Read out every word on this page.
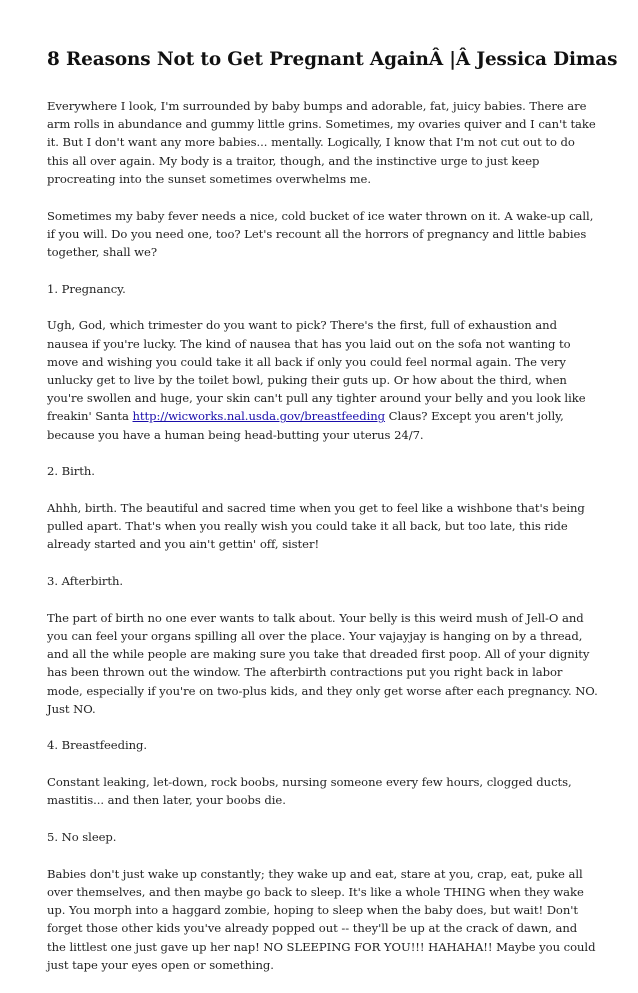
8 Reasons Not to Get Pregnant AgainÂ |Â Jessica Dimas

Everywhere I look, I'm surrounded by baby bumps and adorable, fat, juicy babies. There are arm rolls in abundance and gummy little grins. Sometimes, my ovaries quiver and I can't take it. But I don't want any more babies... mentally. Logically, I know that I'm not cut out to do this all over again. My body is a traitor, though, and the instinctive urge to just keep procreating into the sunset sometimes overwhelms me.

Sometimes my baby fever needs a nice, cold bucket of ice water thrown on it. A wake-up call, if you will. Do you need one, too? Let's recount all the horrors of pregnancy and little babies together, shall we?

1. Pregnancy.

Ugh, God, which trimester do you want to pick? There's the first, full of exhaustion and nausea if you're lucky. The kind of nausea that has you laid out on the sofa not wanting to move and wishing you could take it all back if only you could feel normal again. The very unlucky get to live by the toilet bowl, puking their guts up. Or how about the third, when you're swollen and huge, your skin can't pull any tighter around your belly and you look like freakin' Santa http://wicworks.nal.usda.gov/breastfeeding Claus? Except you aren't jolly, because you have a human being head-butting your uterus 24/7.

2. Birth.

Ahhh, birth. The beautiful and sacred time when you get to feel like a wishbone that's being pulled apart. That's when you really wish you could take it all back, but too late, this ride already started and you ain't gettin' off, sister!

3. Afterbirth.

The part of birth no one ever wants to talk about. Your belly is this weird mush of Jell-O and you can feel your organs spilling all over the place. Your vajayjay is hanging on by a thread, and all the while people are making sure you take that dreaded first poop. All of your dignity has been thrown out the window. The afterbirth contractions put you right back in labor mode, especially if you're on two-plus kids, and they only get worse after each pregnancy. NO. Just NO.

4. Breastfeeding.

Constant leaking, let-down, rock boobs, nursing someone every few hours, clogged ducts, mastitis... and then later, your boobs die.

5. No sleep.

Babies don't just wake up constantly; they wake up and eat, stare at you, crap, eat, puke all over themselves, and then maybe go back to sleep. It's like a whole THING when they wake up. You morph into a haggard zombie, hoping to sleep when the baby does, but wait! Don't forget those other kids you've already popped out -- they'll be up at the crack of dawn, and the littlest one just gave up her nap! NO SLEEPING FOR YOU!!! HAHAHA!! Maybe you could just tape your eyes open or something.
